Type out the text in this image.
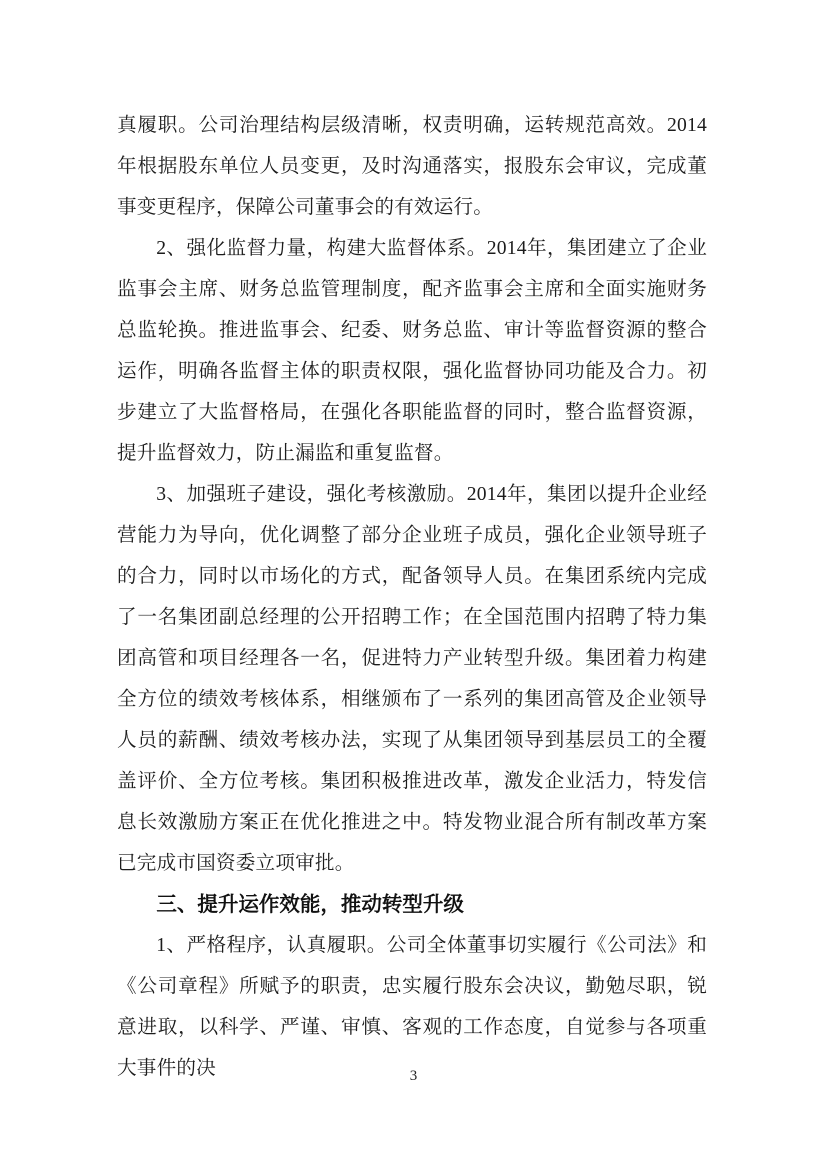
真履职。公司治理结构层级清晰，权责明确，运转规范高效。2014 年根据股东单位人员变更，及时沟通落实，报股东会审议，完成董事变更程序，保障公司董事会的有效运行。

2、强化监督力量，构建大监督体系。2014年，集团建立了企业监事会主席、财务总监管理制度，配齐监事会主席和全面实施财务总监轮换。推进监事会、纪委、财务总监、审计等监督资源的整合运作，明确各监督主体的职责权限，强化监督协同功能及合力。初步建立了大监督格局，在强化各职能监督的同时，整合监督资源，提升监督效力，防止漏监和重复监督。

3、加强班子建设，强化考核激励。2014年，集团以提升企业经营能力为导向，优化调整了部分企业班子成员，强化企业领导班子的合力，同时以市场化的方式，配备领导人员。在集团系统内完成了一名集团副总经理的公开招聘工作；在全国范围内招聘了特力集团高管和项目经理各一名，促进特力产业转型升级。集团着力构建全方位的绩效考核体系，相继颁布了一系列的集团高管及企业领导人员的薪酬、绩效考核办法，实现了从集团领导到基层员工的全覆盖评价、全方位考核。集团积极推进改革，激发企业活力，特发信息长效激励方案正在优化推进之中。特发物业混合所有制改革方案已完成市国资委立项审批。

三、提升运作效能，推动转型升级

1、严格程序，认真履职。公司全体董事切实履行《公司法》和《公司章程》所赋予的职责，忠实履行股东会决议，勤勉尽职，锐意进取，以科学、严谨、审慎、客观的工作态度，自觉参与各项重大事件的决	3
